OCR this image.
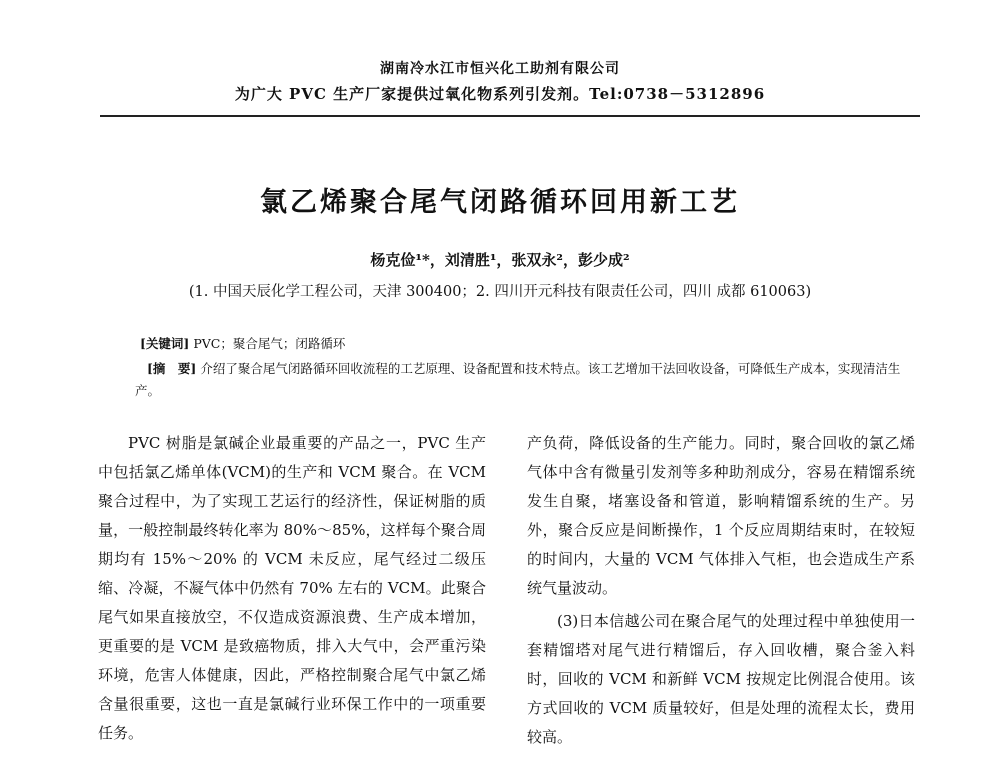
湖南冷水江市恒兴化工助剂有限公司
为广大 PVC 生产厂家提供过氧化物系列引发剂。Tel:0738－5312896
氯乙烯聚合尾气闭路循环回用新工艺
杨克俭¹*，刘清胜¹，张双永²，彭少成²
(1. 中国天辰化学工程公司，天津 300400；2. 四川开元科技有限责任公司，四川 成都 610063)
[关键词] PVC；聚合尾气；闭路循环
[摘　要] 介绍了聚合尾气闭路循环回收流程的工艺原理、设备配置和技术特点。该工艺增加干法回收设备，可降低生产成本，实现清洁生产。

PVC 树脂是氯碱企业最重要的产品之一，PVC 生产中包括氯乙烯单体(VCM)的生产和 VCM 聚合。在 VCM 聚合过程中，为了实现工艺运行的经济性，保证树脂的质量，一般控制最终转化率为 80%～85%，这样每个聚合周期均有 15%～20% 的 VCM 未反应，尾气经过二级压缩、冷凝，不凝气体中仍然有 70% 左右的 VCM。此聚合尾气如果直接放空，不仅造成资源浪费、生产成本增加，更重要的是 VCM 是致癌物质，排入大气中，会严重污染环境，危害人体健康，因此，严格控制聚合尾气中氯乙烯含量很重要，这也一直是氯碱行业环保工作中的一项重要任务。

产负荷，降低设备的生产能力。同时，聚合回收的氯乙烯气体中含有微量引发剂等多种助剂成分，容易在精馏系统发生自聚，堵塞设备和管道，影响精馏系统的生产。另外，聚合反应是间断操作，1 个反应周期结束时，在较短的时间内，大量的 VCM 气体排入气柜，也会造成生产系统气量波动。

(3)日本信越公司在聚合尾气的处理过程中单独使用一套精馏塔对尾气进行精馏后，存入回收槽，聚合釜入料时，回收的 VCM 和新鲜 VCM 按规定比例混合使用。该方式回收的 VCM 质量较好，但是处理的流程太长，费用较高。
